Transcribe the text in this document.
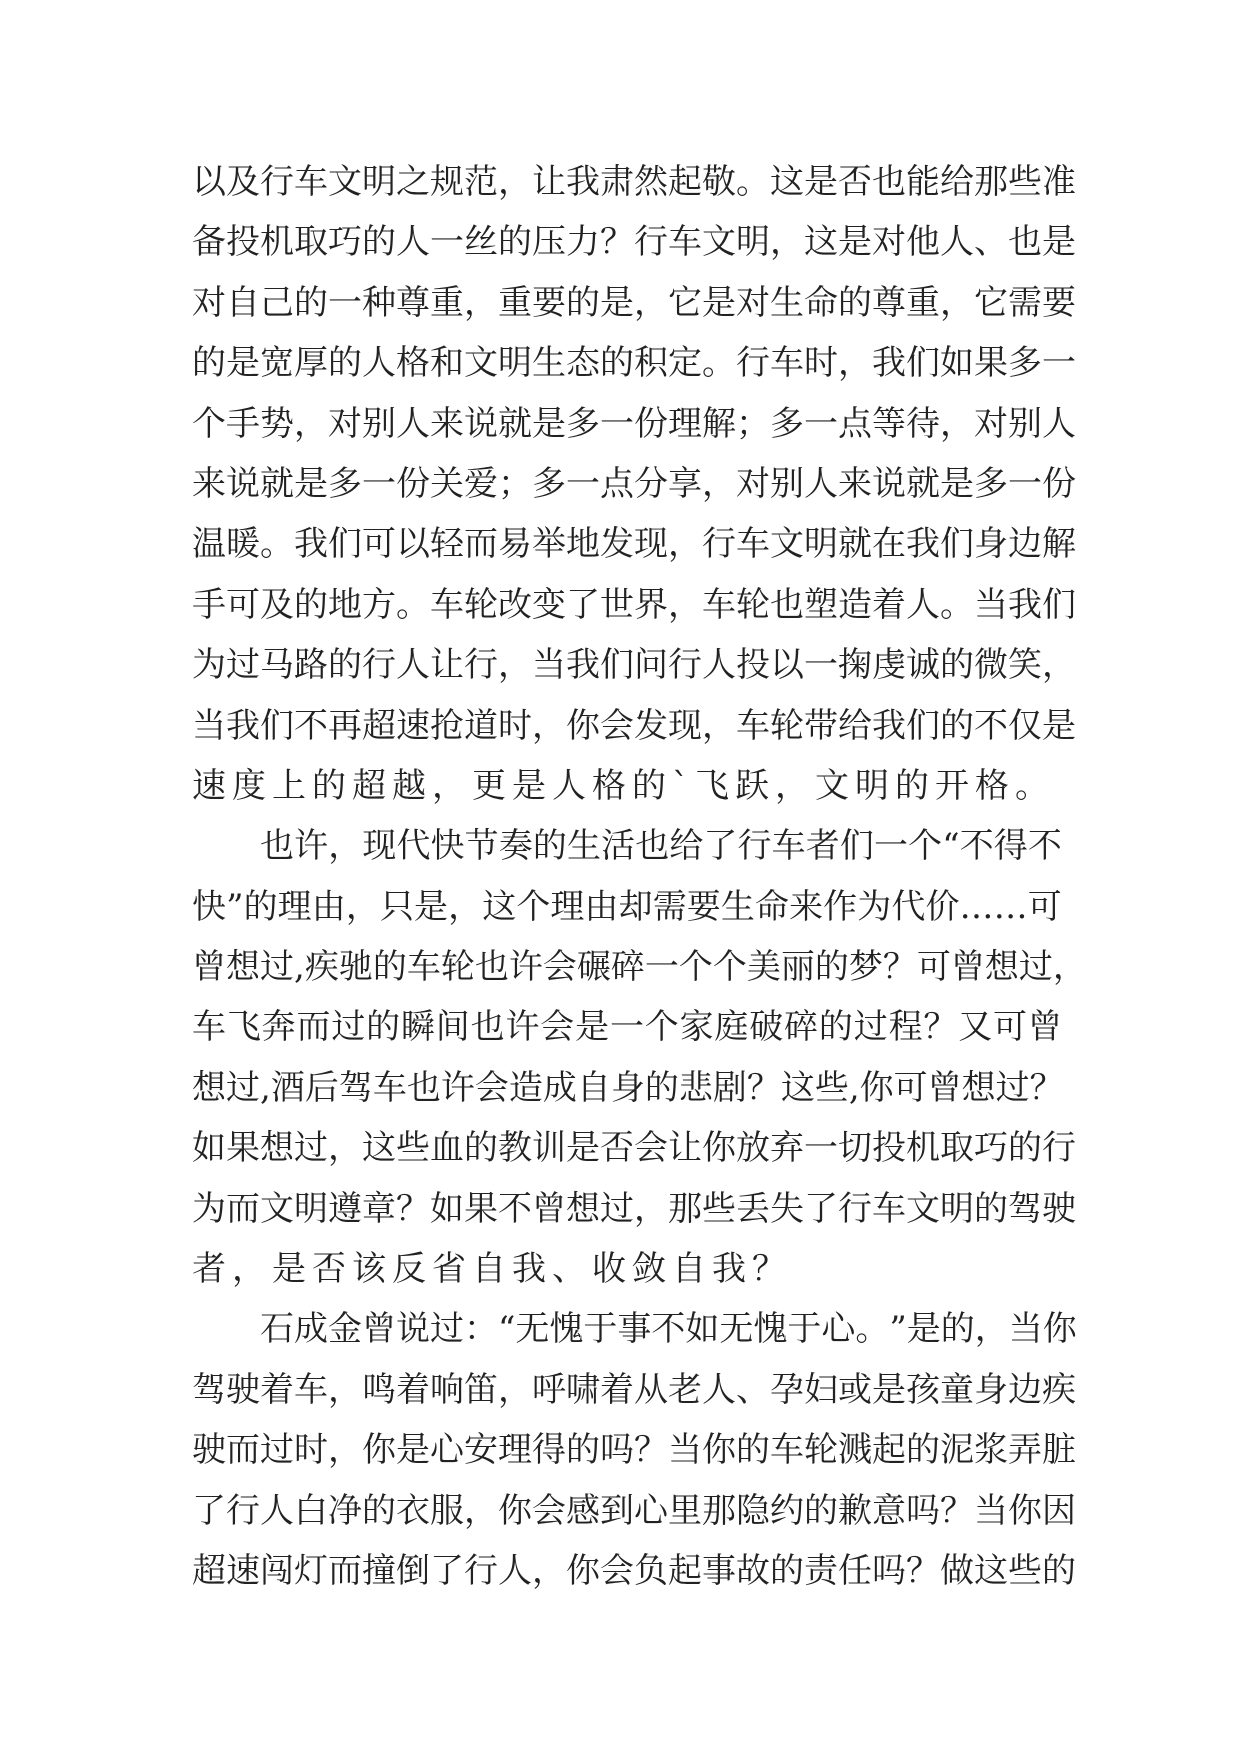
以 及 行 车 文 明 之 规 范 ， 让 我 肃 然 起 敬 。 这 是 否 也 能 给 那 些 准
备 投 机 取 巧 的 人 一 丝 的 压 力 ？ 行 车 文 明 ， 这 是 对 他 人 、 也 是
对 自 己 的 一 种 尊 重 ， 重 要 的 是 ， 它 是 对 生 命 的 尊 重 ， 它 需 要
的 是 宽 厚 的 人 格 和 文 明 生 态 的 积 定 。 行 车 时 ， 我 们 如 果 多 一
个 手 势 ， 对 别 人 来 说 就 是 多 一 份 理 解 ； 多 一 点 等 待 ， 对 别 人
来 说 就 是 多 一 份 关 爱 ； 多 一 点 分 享 ， 对 别 人 来 说 就 是 多 一 份
温 暖 。 我 们 可 以 轻 而 易 举 地 发 现 ， 行 车 文 明 就 在 我 们 身 边 解
手 可 及 的 地 方 。 车 轮 改 变 了 世 界 ， 车 轮 也 塑 造 着 人 。 当 我 们
为 过 马 路 的 行 人 让 行 ， 当 我 们 问 行 人 投 以 一 掬 虔 诚 的 微 笑 ，
当 我 们 不 再 超 速 抢 道 时 ， 你 会 发 现 ， 车 轮 带 给 我 们 的 不 仅 是
速度上的超越，更是人格的`飞跃，文明的开格。
也 许 ， 现 代 快 节 奏 的 生 活 也 给 了 行 车 者 们 一 个 “ 不 得 不
快 ” 的 理 由 ， 只 是 ， 这 个 理 由 却 需 要 生 命 来 作 为 代 价 … … 可
曾 想 过 , 疾 驰 的 车 轮 也 许 会 碾 碎 一 个 个 美 丽 的 梦 ？ 可 曾 想 过 ，
车 飞 奔 而 过 的 瞬 间 也 许 会 是 一 个 家 庭 破 碎 的 过 程 ？ 又 可 曾
想 过 , 酒 后 驾 车 也 许 会 造 成 自 身 的 悲 剧 ？ 这 些 , 你 可 曾 想 过 ？
如 果 想 过 ， 这 些 血 的 教 训 是 否 会 让 你 放 弃 一 切 投 机 取 巧 的 行
为 而 文 明 遵 章 ？ 如 果 不 曾 想 过 ， 那 些 丢 失 了 行 车 文 明 的 驾 驶
者，是否该反省自我、收敛自我？
石 成 金 曾 说 过 ： “ 无 愧 于 事 不 如 无 愧 于 心 。 ” 是 的 ， 当 你
驾 驶 着 车 ， 鸣 着 响 笛 ， 呼 啸 着 从 老 人 、 孕 妇 或 是 孩 童 身 边 疾
驶 而 过 时 ， 你 是 心 安 理 得 的 吗 ？ 当 你 的 车 轮 溅 起 的 泥 浆 弄 脏
了 行 人 白 净 的 衣 服 ， 你 会 感 到 心 里 那 隐 约 的 歉 意 吗 ？ 当 你 因
超 速 闯 灯 而 撞 倒 了 行 人 ， 你 会 负 起 事 故 的 责 任 吗 ？ 做 这 些 的
